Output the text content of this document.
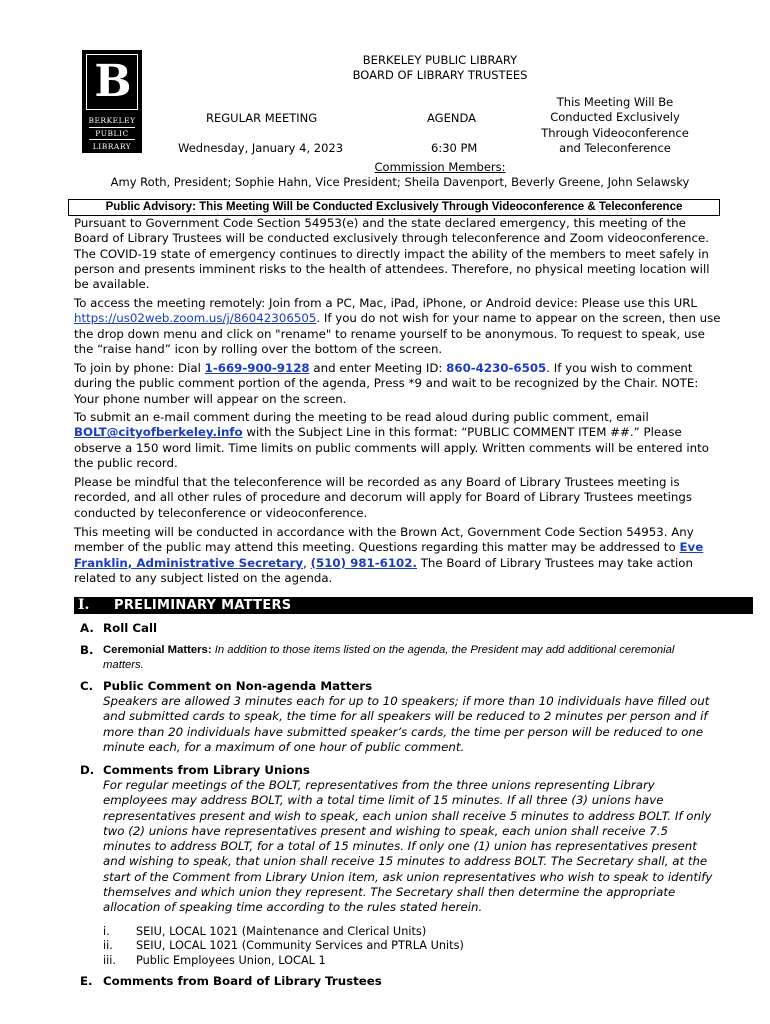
B
BERKELEY
PUBLIC
LIBRARY
BERKELEY PUBLIC LIBRARY
BOARD OF LIBRARY TRUSTEES
REGULAR MEETING	AGENDA
Wednesday, January 4, 2023	6:30 PM
This Meeting Will Be
Conducted Exclusively
Through Videoconference
and Teleconference
Commission Members:
Amy Roth, President; Sophie Hahn, Vice President; Sheila Davenport, Beverly Greene, John Selawsky
Public Advisory: This Meeting Will be Conducted Exclusively Through Videoconference & Teleconference
Pursuant to Government Code Section 54953(e) and the state declared emergency, this meeting of the Board of Library Trustees will be conducted exclusively through teleconference and Zoom videoconference. The COVID-19 state of emergency continues to directly impact the ability of the members to meet safely in person and presents imminent risks to the health of attendees. Therefore, no physical meeting location will be available.
To access the meeting remotely: Join from a PC, Mac, iPad, iPhone, or Android device: Please use this URL https://us02web.zoom.us/j/86042306505. If you do not wish for your name to appear on the screen, then use the drop down menu and click on "rename" to rename yourself to be anonymous. To request to speak, use the “raise hand” icon by rolling over the bottom of the screen.
To join by phone: Dial 1-669-900-9128 and enter Meeting ID: 860-4230-6505. If you wish to comment during the public comment portion of the agenda, Press *9 and wait to be recognized by the Chair. NOTE: Your phone number will appear on the screen.
To submit an e-mail comment during the meeting to be read aloud during public comment, email BOLT@cityofberkeley.info with the Subject Line in this format: “PUBLIC COMMENT ITEM ##.” Please observe a 150 word limit. Time limits on public comments will apply. Written comments will be entered into the public record.
Please be mindful that the teleconference will be recorded as any Board of Library Trustees meeting is recorded, and all other rules of procedure and decorum will apply for Board of Library Trustees meetings conducted by teleconference or videoconference.
This meeting will be conducted in accordance with the Brown Act, Government Code Section 54953. Any member of the public may attend this meeting. Questions regarding this matter may be addressed to Eve Franklin, Administrative Secretary, (510) 981-6102. The Board of Library Trustees may take action related to any subject listed on the agenda.
I. PRELIMINARY MATTERS
A. Roll Call
B. Ceremonial Matters: In addition to those items listed on the agenda, the President may add additional ceremonial matters.
C. Public Comment on Non-agenda Matters
Speakers are allowed 3 minutes each for up to 10 speakers; if more than 10 individuals have filled out and submitted cards to speak, the time for all speakers will be reduced to 2 minutes per person and if more than 20 individuals have submitted speaker’s cards, the time per person will be reduced to one minute each, for a maximum of one hour of public comment.
D. Comments from Library Unions
For regular meetings of the BOLT, representatives from the three unions representing Library employees may address BOLT, with a total time limit of 15 minutes. If all three (3) unions have representatives present and wish to speak, each union shall receive 5 minutes to address BOLT. If only two (2) unions have representatives present and wishing to speak, each union shall receive 7.5 minutes to address BOLT, for a total of 15 minutes. If only one (1) union has representatives present and wishing to speak, that union shall receive 15 minutes to address BOLT. The Secretary shall, at the start of the Comment from Library Union item, ask union representatives who wish to speak to identify themselves and which union they represent. The Secretary shall then determine the appropriate allocation of speaking time according to the rules stated herein.
i. SEIU, LOCAL 1021 (Maintenance and Clerical Units)
ii. SEIU, LOCAL 1021 (Community Services and PTRLA Units)
iii. Public Employees Union, LOCAL 1
E. Comments from Board of Library Trustees
